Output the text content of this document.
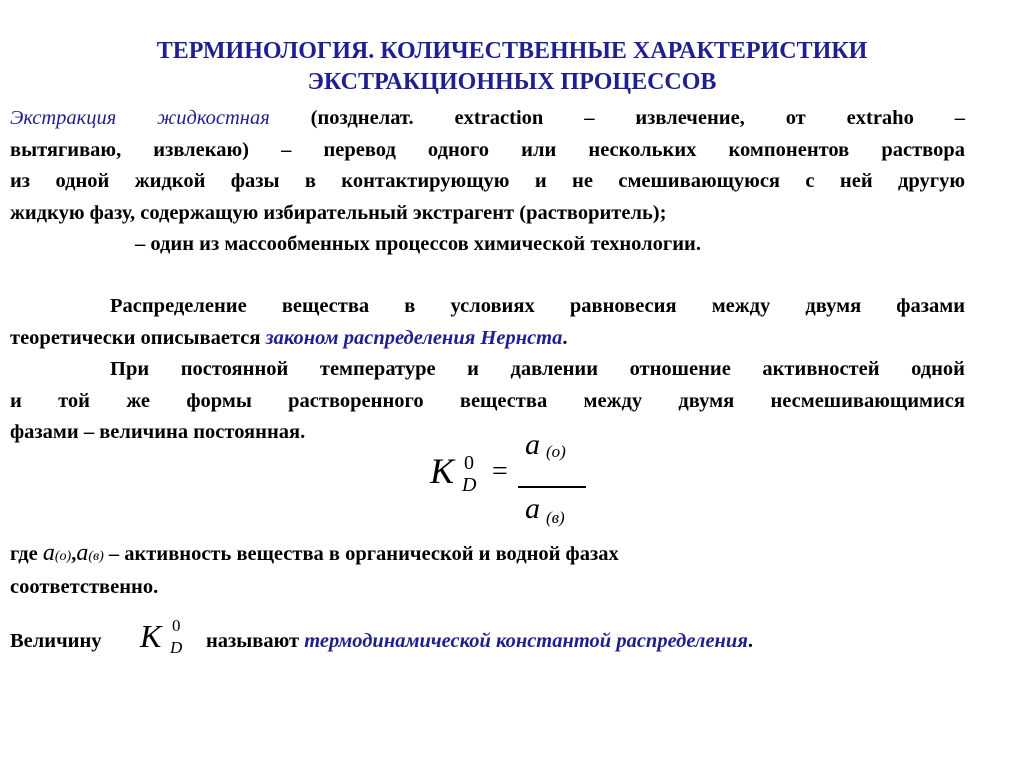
ТЕРМИНОЛОГИЯ. КОЛИЧЕСТВЕННЫЕ ХАРАКТЕРИСТИКИ
ЭКСТРАКЦИОННЫХ ПРОЦЕССОВ
Экстракция жидкостная (позднелат. extraction – извлечение, от extraho –
вытягиваю, извлекаю) – перевод одного или нескольких компонентов раствора
из одной жидкой фазы в контактирующую и не смешивающуюся с ней другую
жидкую фазу, содержащую избирательный экстрагент (растворитель);
– один из массообменных процессов химической технологии.
Распределение вещества в условиях равновесия между двумя фазами
теоретически описывается законом распределения Нернста.
При постоянной температуре и давлении отношение активностей одной
и той же формы растворенного вещества между двумя несмешивающимися
фазами – величина постоянная.
K 0
D =
a (o)
a (в)
где a(o),a(в) – активность вещества в органической и водной фазах
соответственно.
Величину K 0
D называют термодинамической константой распределения.
